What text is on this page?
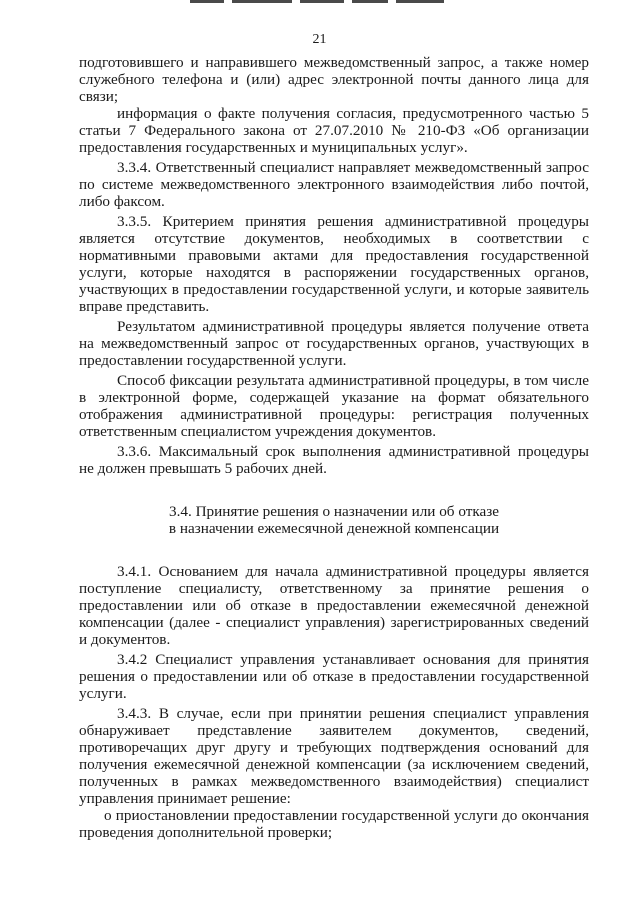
21

подготовившего и направившего межведомственный запрос, а также номер служебного телефона и (или) адрес электронной почты данного лица для связи;

информация о факте получения согласия, предусмотренного частью 5 статьи 7 Федерального закона от 27.07.2010 № 210-ФЗ «Об организации предоставления государственных и муниципальных услуг».

3.3.4. Ответственный специалист направляет межведомственный запрос по системе межведомственного электронного взаимодействия либо почтой, либо факсом.

3.3.5. Критерием принятия решения административной процедуры является отсутствие документов, необходимых в соответствии с нормативными правовыми актами для предоставления государственной услуги, которые находятся в распоряжении государственных органов, участвующих в предоставлении государственной услуги, и которые заявитель вправе представить.

Результатом административной процедуры является получение ответа на межведомственный запрос от государственных органов, участвующих в предоставлении государственной услуги.

Способ фиксации результата административной процедуры, в том числе в электронной форме, содержащей указание на формат обязательного отображения административной процедуры: регистрация полученных ответственным специалистом учреждения документов.

3.3.6. Максимальный срок выполнения административной процедуры не должен превышать 5 рабочих дней.

3.4. Принятие решения о назначении или об отказе
в назначении ежемесячной денежной компенсации

3.4.1. Основанием для начала административной процедуры является поступление специалисту, ответственному за принятие решения о предоставлении или об отказе в предоставлении ежемесячной денежной компенсации (далее - специалист управления) зарегистрированных сведений и документов.

3.4.2 Специалист управления устанавливает основания для принятия решения о предоставлении или об отказе в предоставлении государственной услуги.

3.4.3. В случае, если при принятии решения специалист управления обнаруживает представление заявителем документов, сведений, противоречащих друг другу и требующих подтверждения оснований для получения ежемесячной денежной компенсации (за исключением сведений, полученных в рамках межведомственного взаимодействия) специалист управления принимает решение:

о приостановлении предоставлении государственной услуги до окончания проведения дополнительной проверки;
